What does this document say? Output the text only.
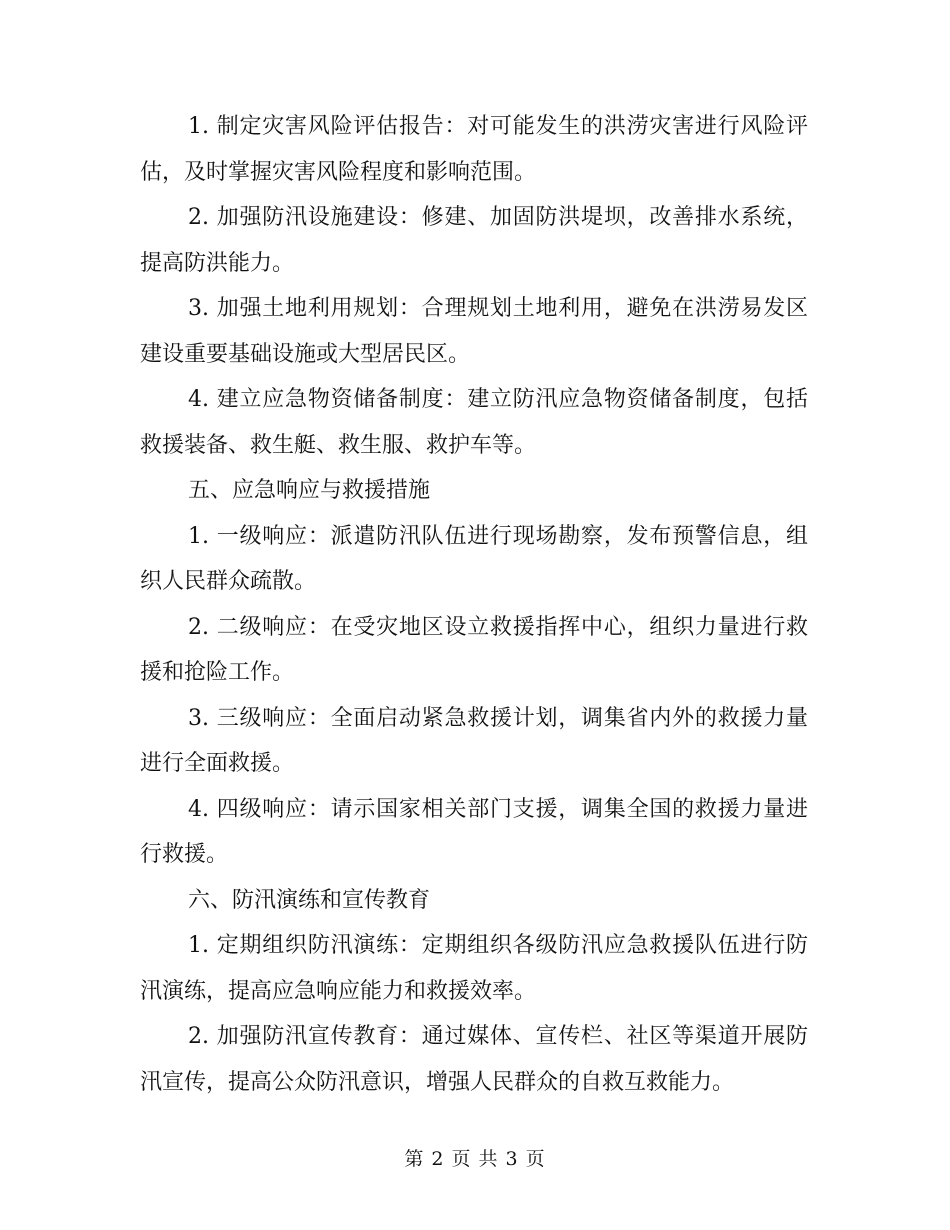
1. 制定灾害风险评估报告：对可能发生的洪涝灾害进行风险评估，及时掌握灾害风险程度和影响范围。

2. 加强防汛设施建设：修建、加固防洪堤坝，改善排水系统，提高防洪能力。

3. 加强土地利用规划：合理规划土地利用，避免在洪涝易发区建设重要基础设施或大型居民区。

4. 建立应急物资储备制度：建立防汛应急物资储备制度，包括救援装备、救生艇、救生服、救护车等。

五、应急响应与救援措施

1. 一级响应：派遣防汛队伍进行现场勘察，发布预警信息，组织人民群众疏散。

2. 二级响应：在受灾地区设立救援指挥中心，组织力量进行救援和抢险工作。

3. 三级响应：全面启动紧急救援计划，调集省内外的救援力量进行全面救援。

4. 四级响应：请示国家相关部门支援，调集全国的救援力量进行救援。

六、防汛演练和宣传教育

1. 定期组织防汛演练：定期组织各级防汛应急救援队伍进行防汛演练，提高应急响应能力和救援效率。

2. 加强防汛宣传教育：通过媒体、宣传栏、社区等渠道开展防汛宣传，提高公众防汛意识，增强人民群众的自救互救能力。

第 2 页 共 3 页
